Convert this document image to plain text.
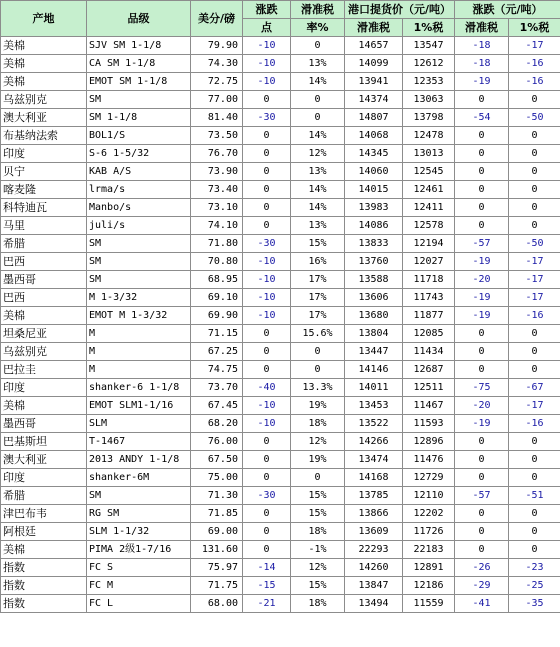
产地	品级	美分/磅	涨跌	滑准税	港口提货价（元/吨）		涨跌（元/吨）	
			点	率%	滑准税	1%税	滑准税	1%税
美棉	SJV SM 1-1/8	79.90	-10	0	14657	13547	-18	-17
美棉	CA SM 1-1/8	74.30	-10	13%	14099	12612	-18	-16
美棉	EMOT SM 1-1/8	72.75	-10	14%	13941	12353	-19	-16
乌兹别克	SM	77.00	0	0	14374	13063	0	0
澳大利亚	SM 1-1/8	81.40	-30	0	14807	13798	-54	-50
布基纳法索	BOL1/S	73.50	0	14%	14068	12478	0	0
印度	S-6 1-5/32	76.70	0	12%	14345	13013	0	0
贝宁	KAB A/S	73.90	0	13%	14060	12545	0	0
喀麦隆	lrma/s	73.40	0	14%	14015	12461	0	0
科特迪瓦	Manbo/s	73.10	0	14%	13983	12411	0	0
马里	juli/s	74.10	0	13%	14086	12578	0	0
希腊	SM	71.80	-30	15%	13833	12194	-57	-50
巴西	SM	70.80	-10	16%	13760	12027	-19	-17
墨西哥	SM	68.95	-10	17%	13588	11718	-20	-17
巴西	M 1-3/32	69.10	-10	17%	13606	11743	-19	-17
美棉	EMOT M 1-3/32	69.90	-10	17%	13680	11877	-19	-16
坦桑尼亚	M	71.15	0	15.6%	13804	12085	0	0
乌兹别克	M	67.25	0	0	13447	11434	0	0
巴拉圭	M	74.75	0	0	14146	12687	0	0
印度	shanker-6 1-1/8	73.70	-40	13.3%	14011	12511	-75	-67
美棉	EMOT SLM1-1/16	67.45	-10	19%	13453	11467	-20	-17
墨西哥	SLM	68.20	-10	18%	13522	11593	-19	-16
巴基斯坦	T-1467	76.00	0	12%	14266	12896	0	0
澳大利亚	2013 ANDY 1-1/8	67.50	0	19%	13474	11476	0	0
印度	shanker-6M	75.00	0	0	14168	12729	0	0
希腊	SM	71.30	-30	15%	13785	12110	-57	-51
津巴布韦	RG SM	71.85	0	15%	13866	12202	0	0
阿根廷	SLM 1-1/32	69.00	0	18%	13609	11726	0	0
美棉	PIMA 2级1-7/16	131.60	0	-1%	22293	22183	0	0
指数	FC S	75.97	-14	12%	14260	12891	-26	-23
指数	FC M	71.75	-15	15%	13847	12186	-29	-25
指数	FC L	68.00	-21	18%	13494	11559	-41	-35
